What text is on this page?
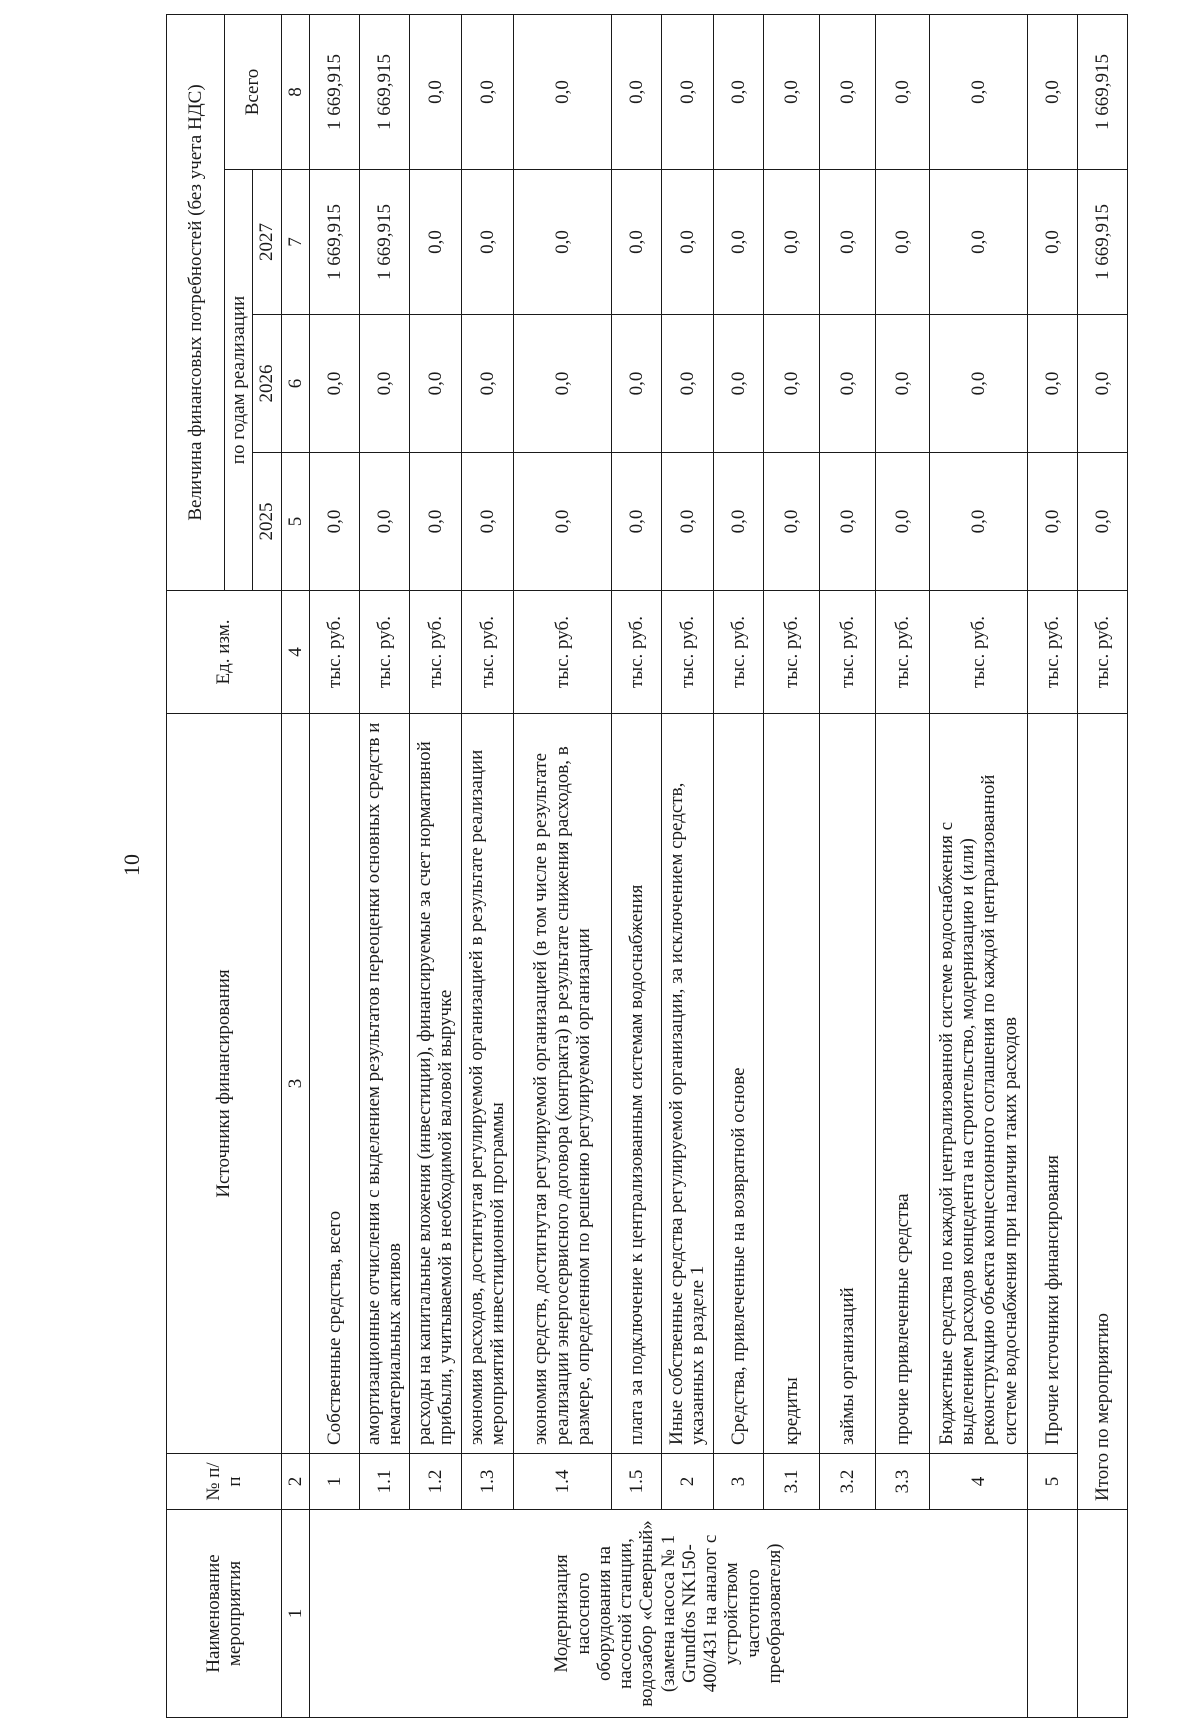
10
Наименование мероприятия	№ п/п	Источники финансирования	Ед. изм.	Величина финансовых потребностей (без учета НДС)			
				по годам реализации			Всего
				2025	2026	2027	
1	2	3	4	5	6	7	8
Модернизация насосного оборудования на насосной станции, водозабор «Северный» (замена насоса № 1 Grundfos NK150-400/431 на аналог с устройством частотного преобразователя)	1	Собственные средства, всего	тыс. руб.	0,0	0,0	1 669,915	1 669,915
	1.1	амортизационные отчисления с выделением результатов переоценки основных средств и нематериальных активов	тыс. руб.	0,0	0,0	1 669,915	1 669,915
	1.2	расходы на капитальные вложения (инвестиции), финансируемые за счет нормативной прибыли, учитываемой в необходимой валовой выручке	тыс. руб.	0,0	0,0	0,0	0,0
	1.3	экономия расходов, достигнутая регулируемой организацией в результате реализации мероприятий инвестиционной программы	тыс. руб.	0,0	0,0	0,0	0,0
	1.4	экономия средств, достигнутая регулируемой организацией (в том числе в результате реализации энергосервисного договора (контракта) в результате снижения расходов, в размере, определенном по решению регулируемой организации	тыс. руб.	0,0	0,0	0,0	0,0
	1.5	плата за подключение к централизованным системам водоснабжения	тыс. руб.	0,0	0,0	0,0	0,0
	2	Иные собственные средства регулируемой организации, за исключением средств, указанных в разделе 1	тыс. руб.	0,0	0,0	0,0	0,0
	3	Средства, привлеченные на возвратной основе	тыс. руб.	0,0	0,0	0,0	0,0
	3.1	кредиты	тыс. руб.	0,0	0,0	0,0	0,0
	3.2	займы организаций	тыс. руб.	0,0	0,0	0,0	0,0
	3.3	прочие привлеченные средства	тыс. руб.	0,0	0,0	0,0	0,0
	4	Бюджетные средства по каждой централизованной системе водоснабжения с выделением расходов концедента на строительство, модернизацию и (или) реконструкцию объекта концессионного соглашения по каждой централизованной системе водоснабжения при наличии таких расходов	тыс. руб.	0,0	0,0	0,0	0,0
	5	Прочие источники финансирования	тыс. руб.	0,0	0,0	0,0	0,0
	Итого по мероприятию		тыс. руб.	0,0	0,0	1 669,915	1 669,915
